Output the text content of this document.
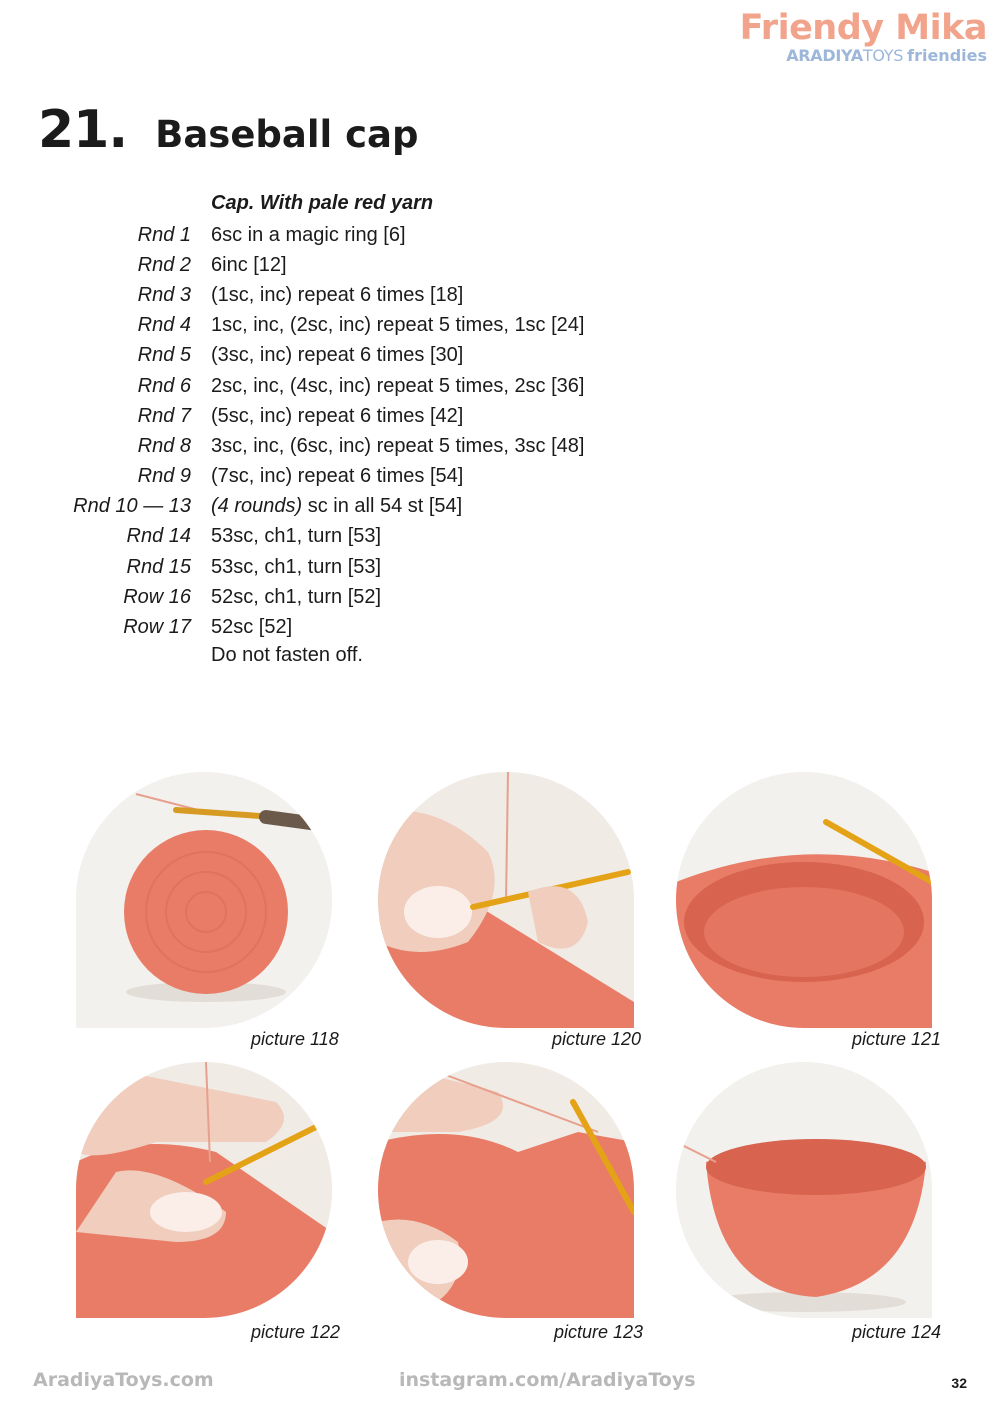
Friendy Mika
ARADIYATOYS friendies
21. Baseball cap
Cap. With pale red yarn
Rnd 1 6sc in a magic ring [6]
Rnd 2 6inc [12]
Rnd 3 (1sc, inc) repeat 6 times [18]
Rnd 4 1sc, inc, (2sc, inc) repeat 5 times, 1sc [24]
Rnd 5 (3sc, inc) repeat 6 times [30]
Rnd 6 2sc, inc, (4sc, inc) repeat 5 times, 2sc [36]
Rnd 7 (5sc, inc) repeat 6 times [42]
Rnd 8 3sc, inc, (6sc, inc) repeat 5 times, 3sc [48]
Rnd 9 (7sc, inc) repeat 6 times [54]
Rnd 10 — 13 (4 rounds) sc in all 54 st [54]
Rnd 14 53sc, ch1, turn [53]
Rnd 15 53sc, ch1, turn [53]
Row 16 52sc, ch1, turn [52]
Row 17 52sc [52]
Do not fasten off.
picture 118	picture 120	picture 121
picture 122	picture 123	picture 124
AradiyaToys.com	instagram.com/AradiyaToys	32
